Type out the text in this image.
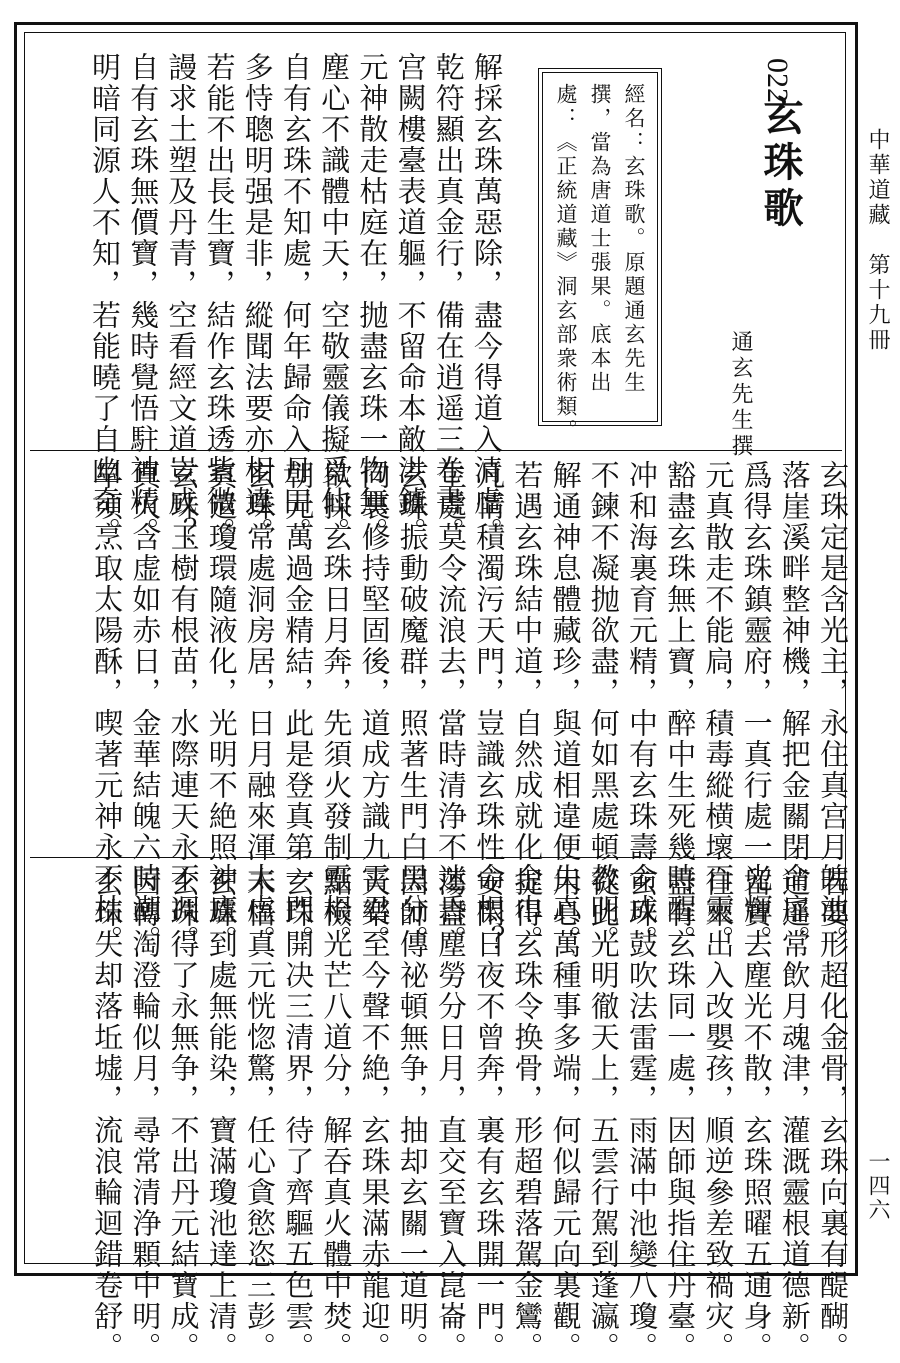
中華道藏　第十九冊
一四六
022
玄珠歌
通玄先生撰
經名：玄珠歌。原題通玄先生
撰，當為唐道士張果。底本出
處：《正統道藏》洞玄部衆術類。
解採玄珠萬惡除，盡今得道入清虛。
乾符顯出真金行，備在逍遥三卷書。
宫闕樓臺表道軀，不留命本敵洪鑪。
元神散走枯庭在，抛盡玄珠一物無。
塵心不識體中天，空敬靈儀擬覓仙。
自有玄珠不知處，何年歸命入丹田。
多恃聰明强是非，縱聞法要亦相違。
若能不出長生寶，結作玄珠透紫微。
謾求土塑及丹青，空看經文道豈成？
自有玄珠無價寶，幾時覺悟駐神精。
明暗同源人不知，若能曉了自幽奇。
玄珠定是含光主，永住真宫月魄池。
落崖溪畔整神機，解把金關閉命扉。
爲得玄珠鎮靈府，一真行處一光輝。
元真散走不能扃，積毒縱横壞百靈。
豁盡玄珠無上寶，醉中生死幾時醒。
冲和海裏育元精，中有玄珠壽命成。
不鍊不凝抛欲盡，何如黑處頓教明。
解通神息體藏珍，與道相違便失真。
若遇玄珠結中道，自然成就化金巾。
凡情積濁污天門，豈識玄珠性命根？
生處莫令流浪去，當時清浄不迷昏。
玄珠振動破魔群，照著生門白黑分。
向裏修持堅固後，道成方識九霄君。
欲採玄珠日月奔，先須火發制靈根。
朝元萬過金精結，此是登真第一門。
玄珠常處洞房居，日月融來渾太虚。
真遣瓊環隨液化，光明不絶照神廬。
玄珠玉樹有根苗，水際連天永不凋。
真火含虚如赤日，金華結魄六時潮。
早須烹取太陽酥，喫著元神永不枯。
若要形超化金骨，玄珠向裏有醍醐。
逍遥常飲月魂津，灌溉靈根道德新。
留寶去塵光不散，玄珠照曜五通身。
往來出入改嬰孩，順逆參差致禍灾。
盡有玄珠同一處，因師與指住丹臺。
玄珠鼓吹法雷霆，雨滿中池變八瓊。
從此光明徹天上，五雲行駕到蓬瀛。
用心萬種事多端，何似歸元向裏觀。
捉得玄珠令换骨，形超碧落駕金鸞。
安閑日夜不曾奔，裏有玄珠開一門。
蕩盡塵勞分日月，直交至寶入崑崙。
因師傳祕頓無争，抽却玄關一道明。
天樂至今聲不絶，玄珠果滿赤龍迎。
點檢光芒八道分，解吞真火體中焚。
玄珠開决三清界，待了齊驅五色雲。
未悟真元恍惚驚，任心貪慾恣三彭。
玄珠到處無能染，寶滿瓊池達上清。
玄珠得了永無争，不出丹元結寶成。
因轉淘澄輪似月，尋常清浄顆中明。
玄珠失却落坵墟，流浪輪迴錯卷舒。
